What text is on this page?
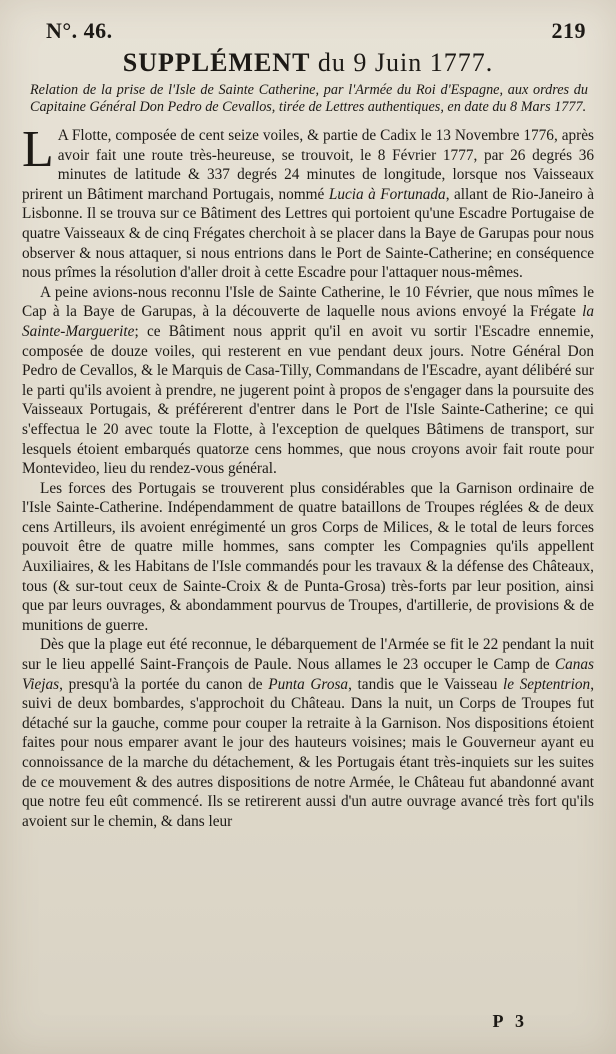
N°. 46.	219
SUPPLÉMENT du 9 Juin 1777.
Relation de la prise de l'Isle de Sainte Catherine, par l'Armée du Roi d'Espagne, aux ordres du Capitaine Général Don Pedro de Cevallos, tirée de Lettres authentiques, en date du 8 Mars 1777.

L A Flotte, composée de cent seize voiles, & partie de Cadix le 13 Novembre 1776, après avoir fait une route très-heureuse, se trouvoit, le 8 Février 1777, par 26 degrés 36 minutes de latitude & 337 degrés 24 minutes de longitude, lorsque nos Vaisseaux prirent un Bâtiment marchand Portugais, nommé Lucia à Fortunada, allant de Rio-Janeiro à Lisbonne. Il se trouva sur ce Bâtiment des Lettres qui portoient qu'une Escadre Portugaise de quatre Vaisseaux & de cinq Frégates cherchoit à se placer dans la Baye de Garupas pour nous observer & nous attaquer, si nous entrions dans le Port de Sainte-Catherine; en conséquence nous prîmes la résolution d'aller droit à cette Escadre pour l'attaquer nous-mêmes.

A peine avions-nous reconnu l'Isle de Sainte Catherine, le 10 Février, que nous mîmes le Cap à la Baye de Garupas, à la découverte de laquelle nous avions envoyé la Frégate la Sainte-Marguerite; ce Bâtiment nous apprit qu'il en avoit vu sortir l'Escadre ennemie, composée de douze voiles, qui resterent en vue pendant deux jours. Notre Général Don Pedro de Cevallos, & le Marquis de Casa-Tilly, Commandans de l'Escadre, ayant délibéré sur le parti qu'ils avoient à prendre, ne jugerent point à propos de s'engager dans la poursuite des Vaisseaux Portugais, & préférerent d'entrer dans le Port de l'Isle Sainte-Catherine; ce qui s'effectua le 20 avec toute la Flotte, à l'exception de quelques Bâtimens de transport, sur lesquels étoient embarqués quatorze cens hommes, que nous croyons avoir fait route pour Montevideo, lieu du rendez-vous général.

Les forces des Portugais se trouverent plus considérables que la Garnison ordinaire de l'Isle Sainte-Catherine. Indépendamment de quatre bataillons de Troupes réglées & de deux cens Artilleurs, ils avoient enrégimenté un gros Corps de Milices, & le total de leurs forces pouvoit être de quatre mille hommes, sans compter les Compagnies qu'ils appellent Auxiliaires, & les Habitans de l'Isle commandés pour les travaux & la défense des Châteaux, tous (& sur-tout ceux de Sainte-Croix & de Punta-Grosa) très-forts par leur position, ainsi que par leurs ouvrages, & abondamment pourvus de Troupes, d'artillerie, de provisions & de munitions de guerre.

Dès que la plage eut été reconnue, le débarquement de l'Armée se fit le 22 pendant la nuit sur le lieu appellé Saint-François de Paule. Nous allames le 23 occuper le Camp de Canas Viejas, presqu'à la portée du canon de Punta Grosa, tandis que le Vaisseau le Septentrion, suivi de deux bombardes, s'approchoit du Château. Dans la nuit, un Corps de Troupes fut détaché sur la gauche, comme pour couper la retraite à la Garnison. Nos dispositions étoient faites pour nous emparer avant le jour des hauteurs voisines; mais le Gouverneur ayant eu connoissance de la marche du détachement, & les Portugais étant très-inquiets sur les suites de ce mouvement & des autres dispositions de notre Armée, le Château fut abandonné avant que notre feu eût commencé. Ils se retirerent aussi d'un autre ouvrage avancé très fort qu'ils avoient sur le chemin, & dans leur

P 3
